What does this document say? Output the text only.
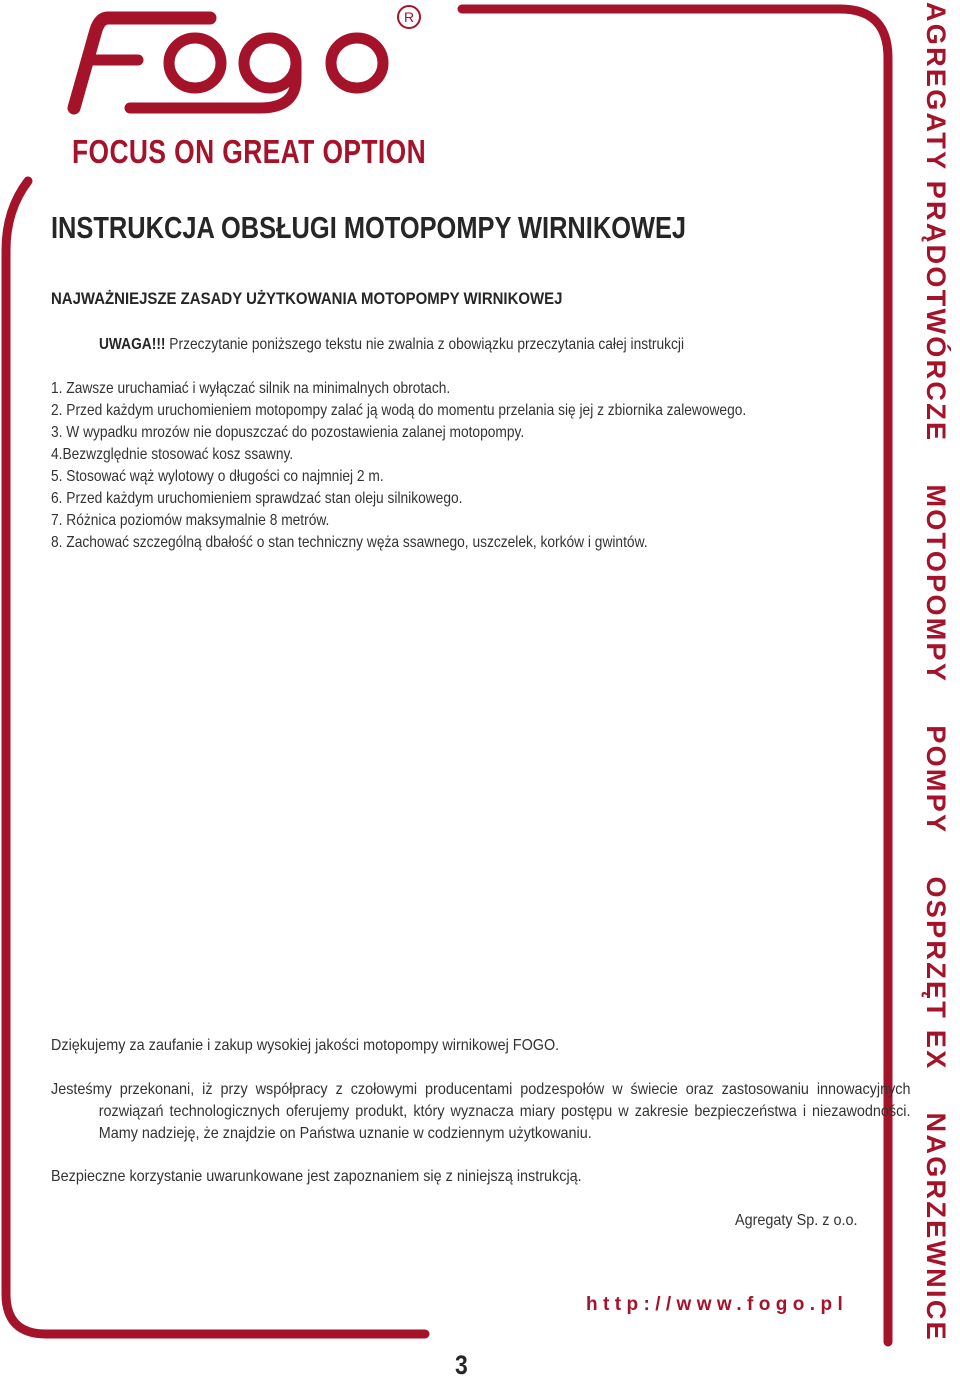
R

FOCUS ON GREAT OPTION

INSTRUKCJA OBSŁUGI MOTOPOMPY WIRNIKOWEJ
NAJWAŻNIEJSZE ZASADY UŻYTKOWANIA MOTOPOMPY WIRNIKOWEJ

UWAGA!!! Przeczytanie poniższego tekstu nie zwalnia z obowiązku przeczytania całej instrukcji

1. Zawsze uruchamiać i wyłączać silnik na minimalnych obrotach.
2. Przed każdym uruchomieniem motopompy zalać ją wodą do momentu przelania się jej z zbiornika zalewowego.
3. W wypadku mrozów nie dopuszczać do pozostawienia zalanej motopompy.
4.Bezwzględnie stosować kosz ssawny.
5. Stosować wąż wylotowy o długości co najmniej 2 m.
6. Przed każdym uruchomieniem sprawdzać stan oleju silnikowego.
7. Różnica poziomów maksymalnie 8 metrów.
8. Zachować szczególną dbałość o stan techniczny węża ssawnego, uszczelek, korków i gwintów.

Dziękujemy za zaufanie i zakup wysokiej jakości motopompy wirnikowej FOGO.

Jesteśmy przekonani, iż przy współpracy z czołowymi producentami podzespołów w świecie oraz zastosowaniu innowacyjnych rozwiązań technologicznych oferujemy produkt, który wyznacza miary postępu w zakresie bezpieczeństwa i niezawodności. Mamy nadzieję, że znajdzie on Państwa uznanie w codziennym użytkowaniu.

Bezpieczne korzystanie uwarunkowane jest zapoznaniem się z niniejszą instrukcją.

Agregaty Sp. z o.o.

http://www.fogo.pl

3

AGREGATY PRĄDOTWÓRCZE
MOTOPOMPY
POMPY
OSPRZĘT EX
NAGRZEWNICE
